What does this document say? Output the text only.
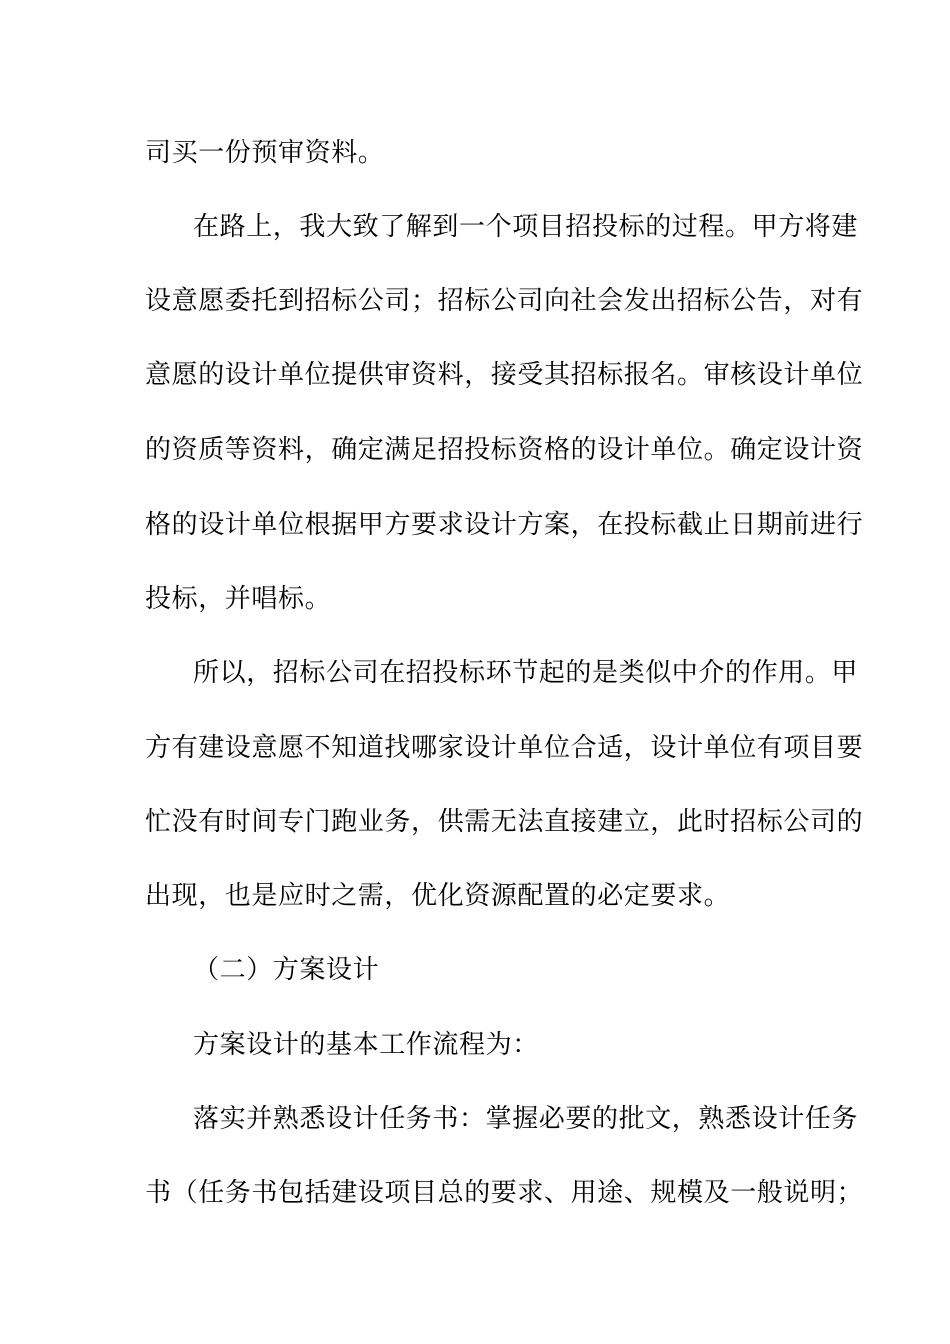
司买一份预审资料。
在路上，我大致了解到一个项目招投标的过程。甲方将建
设意愿委托到招标公司；招标公司向社会发出招标公告，对有
意愿的设计单位提供审资料，接受其招标报名。审核设计单位
的资质等资料，确定满足招投标资格的设计单位。确定设计资
格的设计单位根据甲方要求设计方案，在投标截止日期前进行
投标，并唱标。
所以，招标公司在招投标环节起的是类似中介的作用。甲
方有建设意愿不知道找哪家设计单位合适，设计单位有项目要
忙没有时间专门跑业务，供需无法直接建立，此时招标公司的
出现，也是应时之需，优化资源配置的必定要求。
（二）方案设计
方案设计的基本工作流程为：
落实并熟悉设计任务书：掌握必要的批文，熟悉设计任务
书（任务书包括建设项目总的要求、用途、规模及一般说明；
